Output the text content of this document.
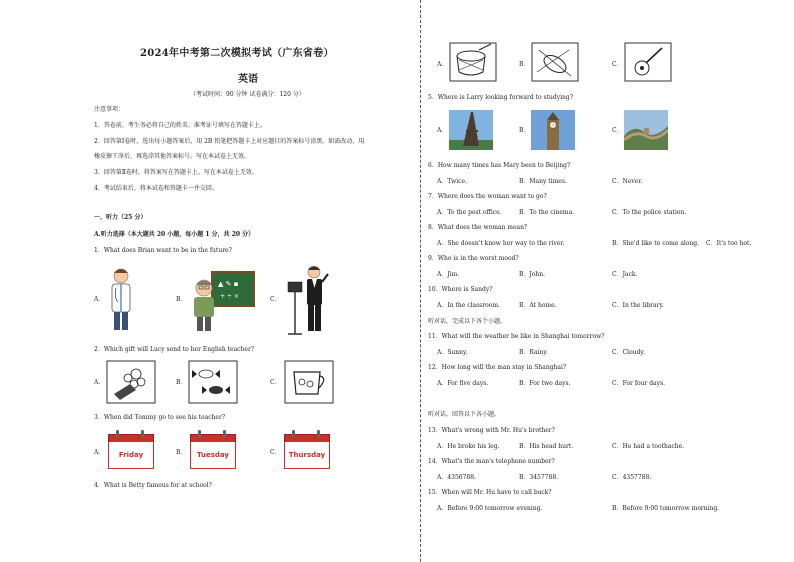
2024年中考第二次模拟考试（广东省卷）
英语
（考试时间：90 分钟 试卷满分：120 分）
注意事项：
1．答卷前，考生务必将自己的姓名、准考证号填写在答题卡上。
2．回答第Ⅰ卷时，选出每小题答案后，用 2B 铅笔把答题卡上对应题目的答案标号涂黑。如需改动，用
橡皮擦干净后，再选涂其他答案标号。写在本试卷上无效。
3．回答第Ⅱ卷时，将答案写在答题卡上。写在本试卷上无效。
4．考试结束后，将本试卷和答题卡一并交回。
一、听力（25 分）
A.听力选择（本大题共 20 小题，每小题 1 分，共 20 分）
1．What does Brian want to be in the future?
A．	B．
▲ ✎ ▪
+ ÷ ×	C．
2．Which gift will Lucy send to her English teacher?
A．	B．	C．
3．When did Tommy go to see his teacher?
A．	Friday	B．	Tuesday	C．	Thursday
4．What is Betty famous for at school?
A．	B．	C．
5．Where is Larry looking forward to studying?
A．	B．	C．
6．How many times has Mary been to Beijing?
A．Twice.	B．Many times.	C．Never.
7．Where does the woman want to go?
A．To the post office.	B．To the cinema.	C．To the police station.
8．What does the woman mean?
A．She doesn't know her way to the river.	B．She'd like to come along. C．It's too hot.
9．Who is in the worst mood?
A．Jim.	B．John.	C．Jack.
10．Where is Sandy?
A．In the classroom.	B．At home.	C．In the library.
听对话，完成以下各个小题。
11．What will the weather be like in Shanghai tomorrow?
A．Sunny.	B．Rainy.	C．Cloudy.
12．How long will the man stay in Shanghai?
A．For five days.	B．For two days.	C．For four days.
听对话，回答以下各小题。
13．What's wrong with Mr. Hu's brother?
A．He broke his leg.	B．His head hurt.	C．He had a toothache.
14．What's the man's telephone number?
A．4356788.	B．3457788.	C．4357788.
15．When will Mr. Hu have to call back?
A．Before 9:00 tomorrow evening.	B．Before 9:00 tomorrow morning.
